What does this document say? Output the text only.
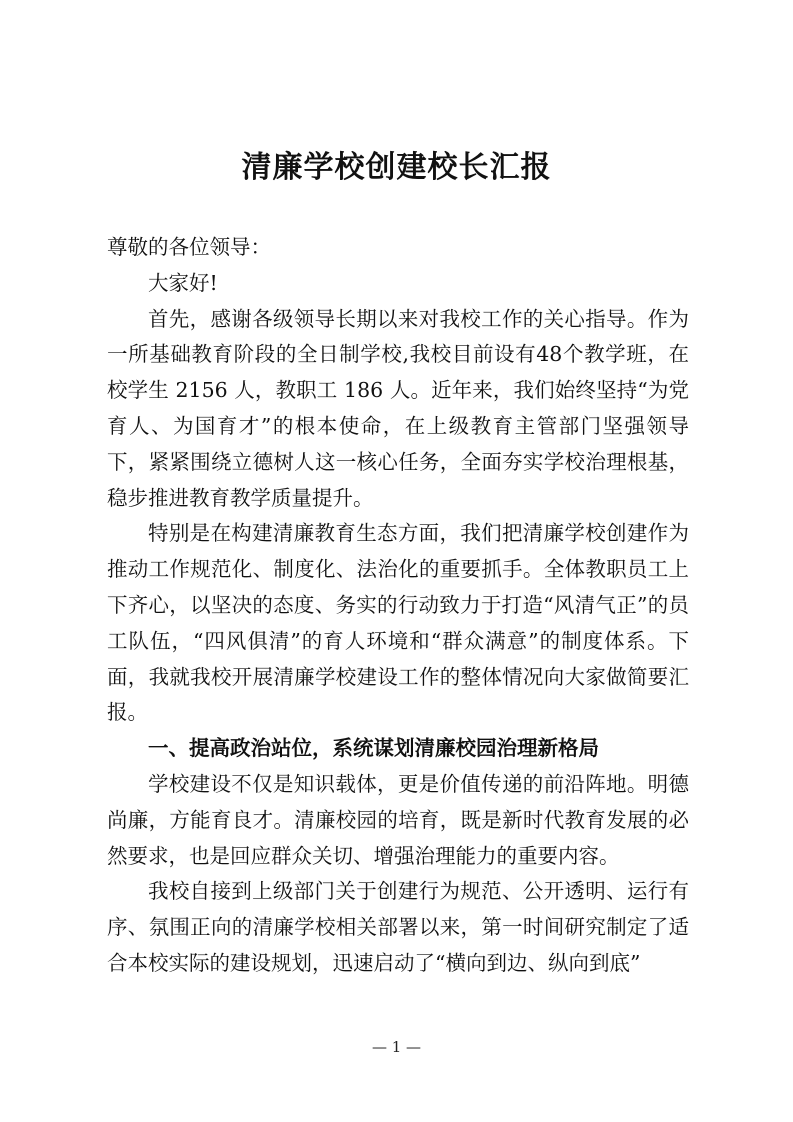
清廉学校创建校长汇报

尊敬的各位领导：

大家好!

首先，感谢各级领导长期以来对我校工作的关心指导。作为一所基础教育阶段的全日制学校,我校目前设有48个教学班，在校学生 2156 人，教职工 186 人。近年来，我们始终坚持“为党育人、为国育才”的根本使命，在上级教育主管部门坚强领导下，紧紧围绕立德树人这一核心任务，全面夯实学校治理根基，稳步推进教育教学质量提升。

特别是在构建清廉教育生态方面，我们把清廉学校创建作为推动工作规范化、制度化、法治化的重要抓手。全体教职员工上下齐心，以坚决的态度、务实的行动致力于打造“风清气正”的员工队伍，“四风俱清”的育人环境和“群众满意”的制度体系。下面，我就我校开展清廉学校建设工作的整体情况向大家做简要汇报。

一、提高政治站位，系统谋划清廉校园治理新格局

学校建设不仅是知识载体，更是价值传递的前沿阵地。明德尚廉，方能育良才。清廉校园的培育，既是新时代教育发展的必然要求，也是回应群众关切、增强治理能力的重要内容。

我校自接到上级部门关于创建行为规范、公开透明、运行有序、氛围正向的清廉学校相关部署以来，第一时间研究制定了适合本校实际的建设规划，迅速启动了“横向到边、纵向到底”

— 1 —
